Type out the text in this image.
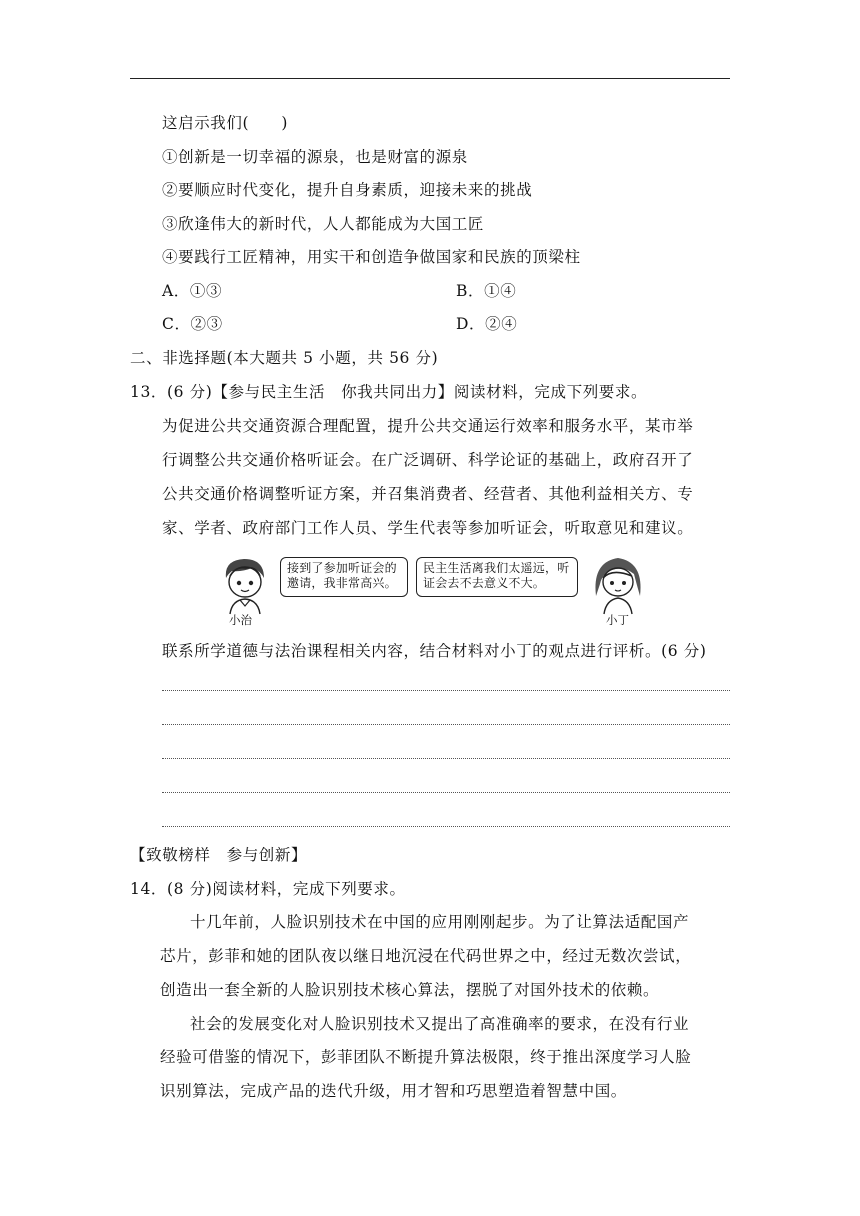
这启示我们(　　)
①创新是一切幸福的源泉，也是财富的源泉
②要顺应时代变化，提升自身素质，迎接未来的挑战
③欣逢伟大的新时代，人人都能成为大国工匠
④要践行工匠精神，用实干和创造争做国家和民族的顶梁柱
A．①③	B．①④
C．②③	D．②④
二、非选择题(本大题共 5 小题，共 56 分)
13．(6 分)【参与民主生活　你我共同出力】阅读材料，完成下列要求。
为促进公共交通资源合理配置，提升公共交通运行效率和服务水平，某市举
行调整公共交通价格听证会。在广泛调研、科学论证的基础上，政府召开了
公共交通价格调整听证方案，并召集消费者、经营者、其他利益相关方、专
家、学者、政府部门工作人员、学生代表等参加听证会，听取意见和建议。
小治
接到了参加听证会的
邀请，我非常高兴。
民主生活离我们太遥远，听
证会去不去意义不大。
小丁
联系所学道德与法治课程相关内容，结合材料对小丁的观点进行评析。(6 分)
【致敬榜样　参与创新】
14．(8 分)阅读材料，完成下列要求。
十几年前，人脸识别技术在中国的应用刚刚起步。为了让算法适配国产
芯片，彭菲和她的团队夜以继日地沉浸在代码世界之中，经过无数次尝试，
创造出一套全新的人脸识别技术核心算法，摆脱了对国外技术的依赖。
社会的发展变化对人脸识别技术又提出了高准确率的要求，在没有行业
经验可借鉴的情况下，彭菲团队不断提升算法极限，终于推出深度学习人脸
识别算法，完成产品的迭代升级，用才智和巧思塑造着智慧中国。
